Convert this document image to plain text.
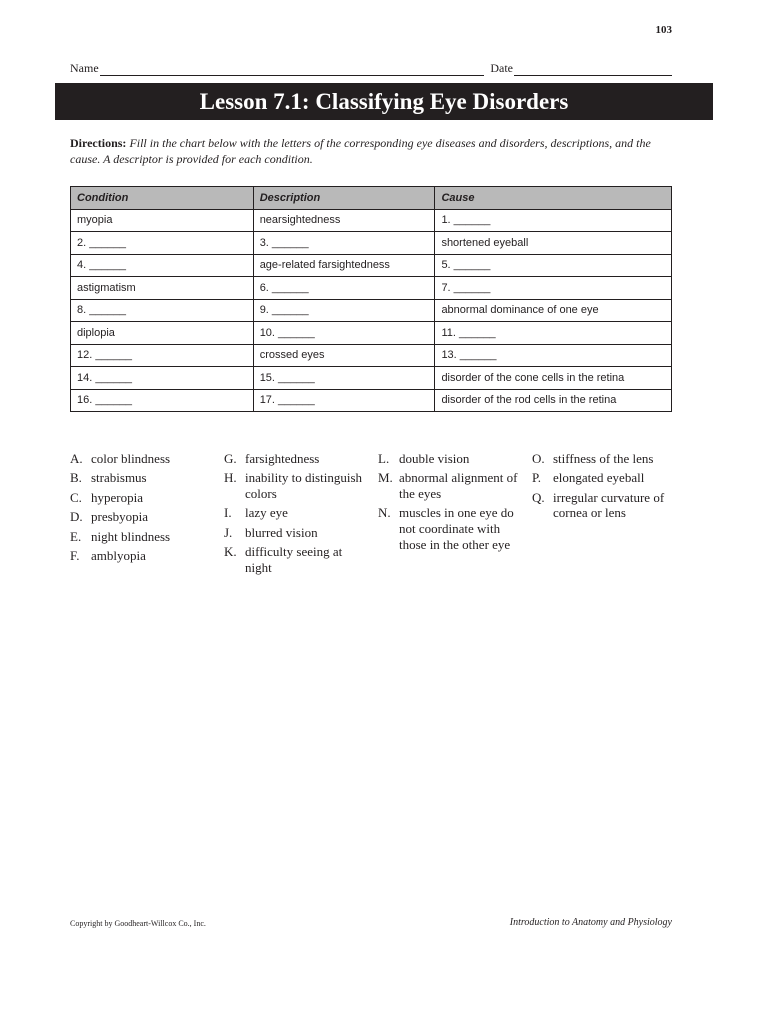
103
Name	Date
Lesson 7.1: Classifying Eye Disorders
Directions: Fill in the chart below with the letters of the corresponding eye diseases and disorders, descriptions, and the cause. A descriptor is provided for each condition.
Condition	Description	Cause
myopia	nearsightedness	1. ______
2. ______	3. ______	shortened eyeball
4. ______	age-related farsightedness	5. ______
astigmatism	6. ______	7. ______
8. ______	9. ______	abnormal dominance of one eye
diplopia	10. ______	11. ______
12. ______	crossed eyes	13. ______
14. ______	15. ______	disorder of the cone cells in the retina
16. ______	17. ______	disorder of the rod cells in the retina
A. color blindness
B. strabismus
C. hyperopia
D. presbyopia
E. night blindness
F. amblyopia
G. farsightedness
H. inability to distinguish colors
I.	lazy eye
J. blurred vision
K. difficulty seeing at night
L. double vision
M. abnormal alignment of the eyes
N. muscles in one eye do not coordinate with those in the other eye
O. stiffness of the lens
P. elongated eyeball
Q. irregular curvature of cornea or lens
Copyright by Goodheart-Willcox Co., Inc.	Introduction to Anatomy and Physiology
